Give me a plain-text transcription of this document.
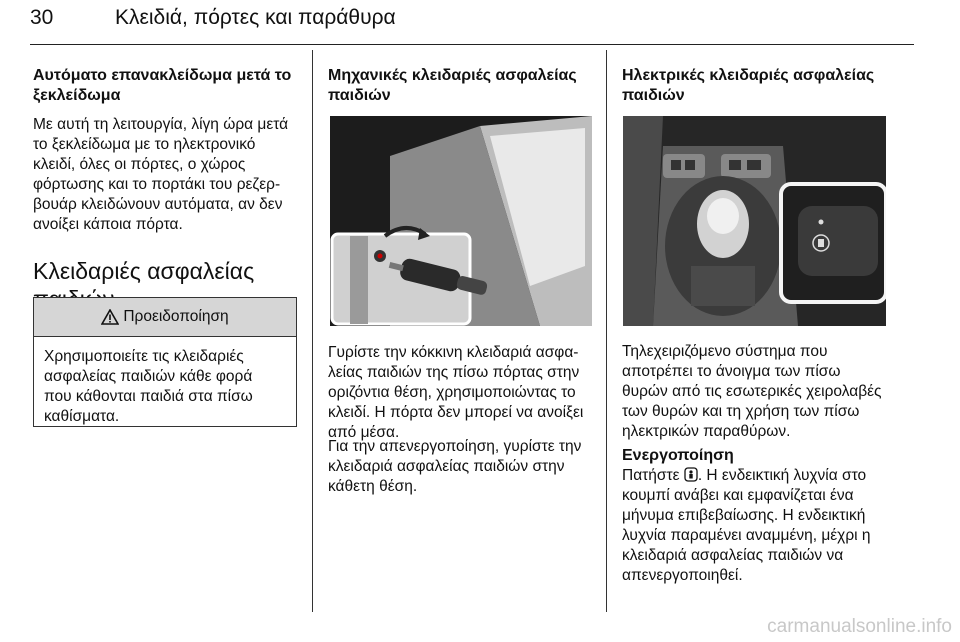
30	Κλειδιά, πόρτες και παράθυρα
Αυτόματο επανακλείδωμα μετά το
ξεκλείδωμα
Με αυτή τη λειτουργία, λίγη ώρα μετά
το ξεκλείδωμα με το ηλεκτρονικό
κλειδί, όλες οι πόρτες, ο χώρος
φόρτωσης και το πορτάκι του ρεζερ-
βουάρ κλειδώνουν αυτόματα, αν δεν
ανοίξει κάποια πόρτα.
Κλειδαριές ασφαλείας
Προειδοποίηση
Χρησιμοποιείτε τις κλειδαριές
ασφαλείας παιδιών κάθε φορά
που κάθονται παιδιά στα πίσω
καθίσματα.
Μηχανικές κλειδαριές ασφαλείας
παιδιών
Γυρίστε την κόκκινη κλειδαριά ασφα-
λείας παιδιών της πίσω πόρτας στην
οριζόντια θέση, χρησιμοποιώντας το
κλειδί. Η πόρτα δεν μπορεί να ανοίξει
από μέσα.
Για την απενεργοποίηση, γυρίστε την
κλειδαριά ασφαλείας παιδιών στην
κάθετη θέση.
Ηλεκτρικές κλειδαριές ασφαλείας
παιδιών
Τηλεχειριζόμενο σύστημα που
αποτρέπει το άνοιγμα των πίσω
θυρών από τις εσωτερικές χειρολαβές
των θυρών και τη χρήση των πίσω
ηλεκτρικών παραθύρων.
Ενεργοποίηση
Πατήστε . Η ενδεικτική λυχνία στο
κουμπί ανάβει και εμφανίζεται ένα
μήνυμα επιβεβαίωσης. Η ενδεικτική
λυχνία παραμένει αναμμένη, μέχρι η
κλειδαριά ασφαλείας παιδιών να
απενεργοποιηθεί.
carmanualsonline.info
